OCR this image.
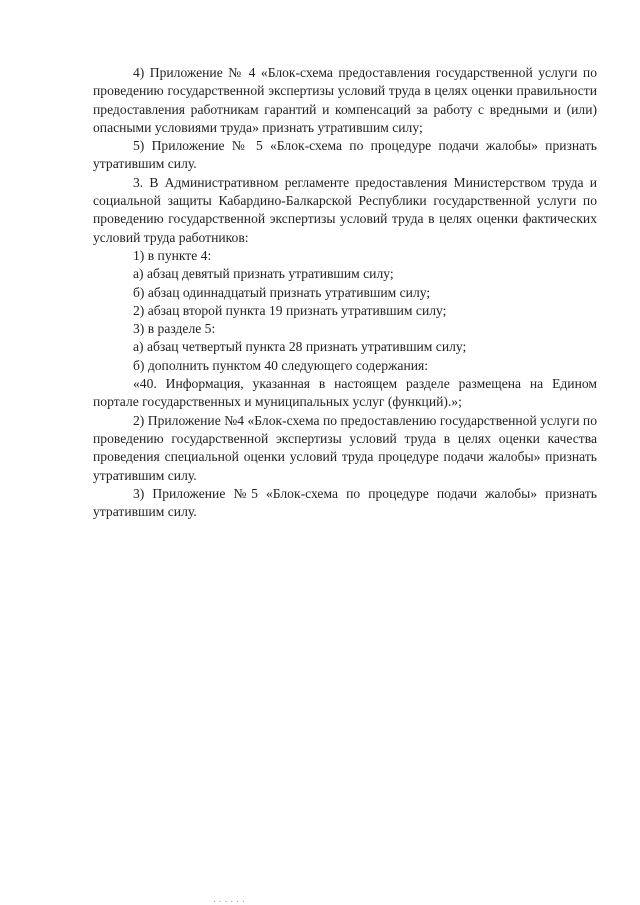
4) Приложение № 4 «Блок-схема предоставления государственной услуги по проведению государственной экспертизы условий труда в целях оценки правильности предоставления работникам гарантий и компенсаций за работу с вредными и (или) опасными условиями труда» признать утратившим силу;

5) Приложение № 5 «Блок-схема по процедуре подачи жалобы» признать утратившим силу.

3. В Административном регламенте предоставления Министерством труда и социальной защиты Кабардино-Балкарской Республики государственной услуги по проведению государственной экспертизы условий труда в целях оценки фактических условий труда работников:

1) в пункте 4:

а) абзац девятый признать утратившим силу;

б) абзац одиннадцатый признать утратившим силу;

2) абзац второй пункта 19 признать утратившим силу;

3) в разделе 5:

а) абзац четвертый пункта 28 признать утратившим силу;

б) дополнить пунктом 40 следующего содержания:

«40. Информация, указанная в настоящем разделе размещена на Едином портале государственных и муниципальных услуг (функций).»;

2) Приложение №4 «Блок-схема по предоставлению государственной услуги по проведению государственной экспертизы условий труда в целях оценки качества проведения специальной оценки условий труда процедуре подачи жалобы» признать утратившим силу.

3) Приложение №5 «Блок-схема по процедуре подачи жалобы» признать утратившим силу.

......
